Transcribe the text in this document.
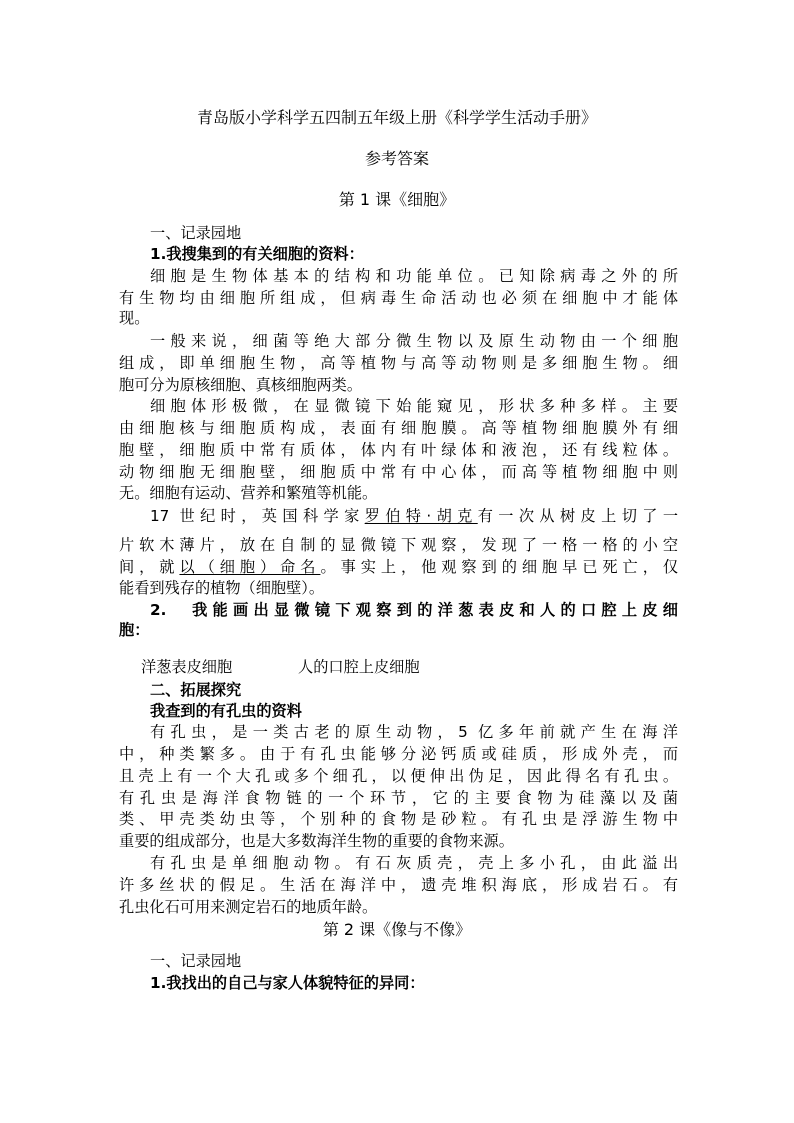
青岛版小学科学五四制五年级上册《科学学生活动手册》
参考答案
第 1 课《细胞》
一、记录园地
1.我搜集到的有关细胞的资料：
细胞是生物体基本的结构和功能单位。已知除病毒之外的所
有生物均由细胞所组成，但病毒生命活动也必须在细胞中才能体
现。
一般来说，细菌等绝大部分微生物以及原生动物由一个细胞
组成，即单细胞生物，高等植物与高等动物则是多细胞生物。细
胞可分为原核细胞、真核细胞两类。
细胞体形极微，在显微镜下始能窥见，形状多种多样。主要
由细胞核与细胞质构成，表面有细胞膜。高等植物细胞膜外有细
胞壁，细胞质中常有质体，体内有叶绿体和液泡，还有线粒体。
动物细胞无细胞壁，细胞质中常有中心体，而高等植物细胞中则
无。细胞有运动、营养和繁殖等机能。
17 世纪时，英国科学家罗伯特·胡克有一次从树皮上切了一
片软木薄片，放在自制的显微镜下观察，发现了一格一格的小空
间，就以（细胞）命名。事实上，他观察到的细胞早已死亡，仅
能看到残存的植物（细胞壁）。
2.　我能画出显微镜下观察到的洋葱表皮和人的口腔上皮细
胞：
洋葱表皮细胞	人的口腔上皮细胞
二、拓展探究
我查到的有孔虫的资料
有孔虫，是一类古老的原生动物，5 亿多年前就产生在海洋
中，种类繁多。由于有孔虫能够分泌钙质或硅质，形成外壳，而
且壳上有一个大孔或多个细孔，以便伸出伪足，因此得名有孔虫。
有孔虫是海洋食物链的一个环节，它的主要食物为硅藻以及菌
类、甲壳类幼虫等，个别种的食物是砂粒。有孔虫是浮游生物中
重要的组成部分，也是大多数海洋生物的重要的食物来源。
有孔虫是单细胞动物。有石灰质壳，壳上多小孔，由此溢出
许多丝状的假足。生活在海洋中，遗壳堆积海底，形成岩石。有
孔虫化石可用来测定岩石的地质年龄。
第 2 课《像与不像》
一、记录园地
1.我找出的自己与家人体貌特征的异同：
